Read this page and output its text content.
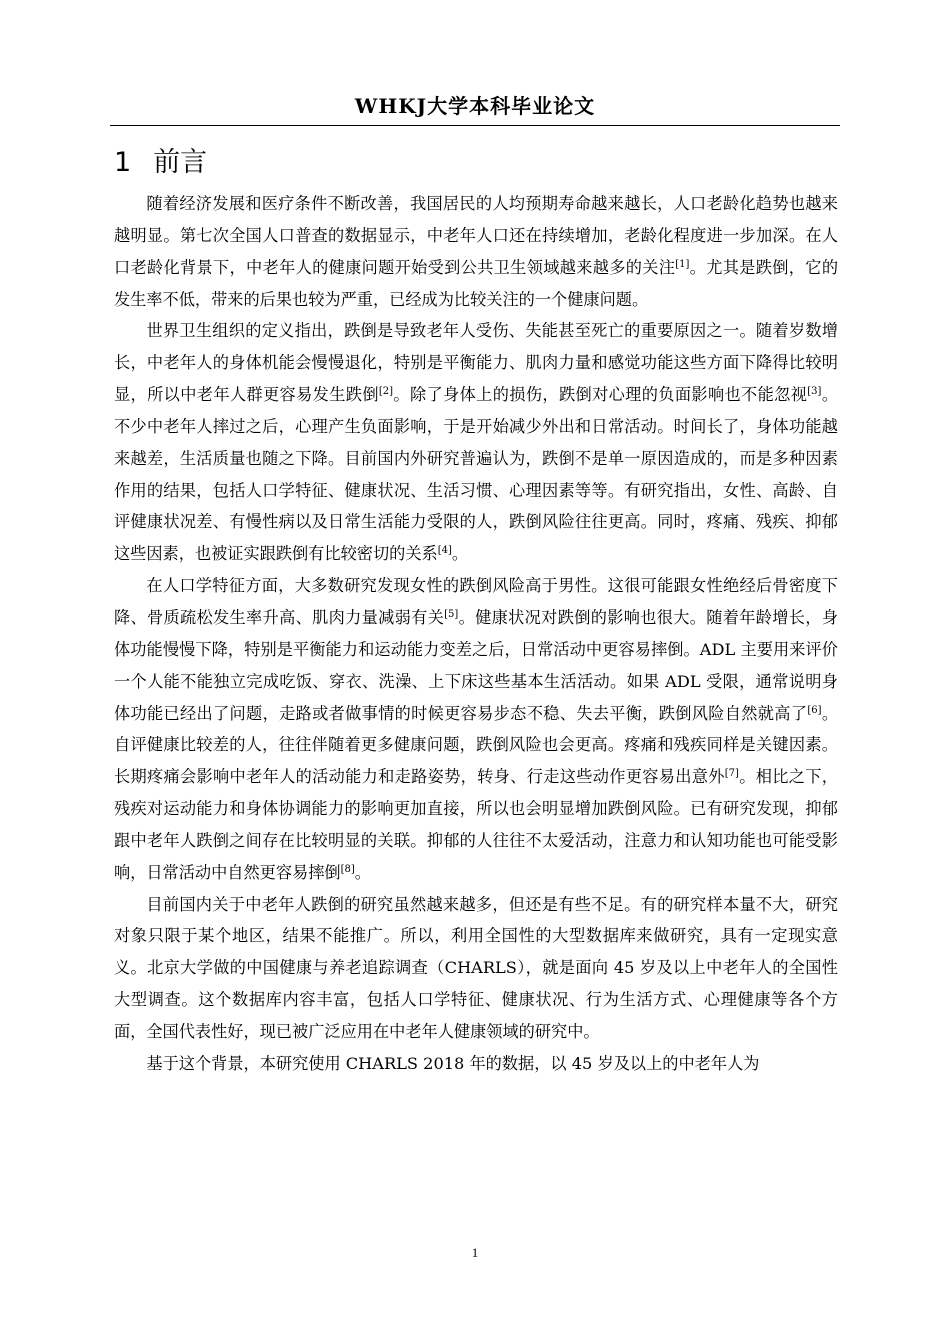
WHKJ大学本科毕业论文
1 前言

随着经济发展和医疗条件不断改善，我国居民的人均预期寿命越来越长，人口老龄化趋势也越来越明显。第七次全国人口普查的数据显示，中老年人口还在持续增加，老龄化程度进一步加深。在人口老龄化背景下，中老年人的健康问题开始受到公共卫生领域越来越多的关注[1]。尤其是跌倒，它的发生率不低，带来的后果也较为严重，已经成为比较关注的一个健康问题。

世界卫生组织的定义指出，跌倒是导致老年人受伤、失能甚至死亡的重要原因之一。随着岁数增长，中老年人的身体机能会慢慢退化，特别是平衡能力、肌肉力量和感觉功能这些方面下降得比较明显，所以中老年人群更容易发生跌倒[2]。除了身体上的损伤，跌倒对心理的负面影响也不能忽视[3]。不少中老年人摔过之后，心理产生负面影响，于是开始减少外出和日常活动。时间长了，身体功能越来越差，生活质量也随之下降。目前国内外研究普遍认为，跌倒不是单一原因造成的，而是多种因素作用的结果，包括人口学特征、健康状况、生活习惯、心理因素等等。有研究指出，女性、高龄、自评健康状况差、有慢性病以及日常生活能力受限的人，跌倒风险往往更高。同时，疼痛、残疾、抑郁这些因素，也被证实跟跌倒有比较密切的关系[4]。

在人口学特征方面，大多数研究发现女性的跌倒风险高于男性。这很可能跟女性绝经后骨密度下降、骨质疏松发生率升高、肌肉力量减弱有关[5]。健康状况对跌倒的影响也很大。随着年龄增长，身体功能慢慢下降，特别是平衡能力和运动能力变差之后，日常活动中更容易摔倒。ADL 主要用来评价一个人能不能独立完成吃饭、穿衣、洗澡、上下床这些基本生活活动。如果 ADL 受限，通常说明身体功能已经出了问题，走路或者做事情的时候更容易步态不稳、失去平衡，跌倒风险自然就高了[6]。自评健康比较差的人，往往伴随着更多健康问题，跌倒风险也会更高。疼痛和残疾同样是关键因素。长期疼痛会影响中老年人的活动能力和走路姿势，转身、行走这些动作更容易出意外[7]。相比之下，残疾对运动能力和身体协调能力的影响更加直接，所以也会明显增加跌倒风险。已有研究发现，抑郁跟中老年人跌倒之间存在比较明显的关联。抑郁的人往往不太爱活动，注意力和认知功能也可能受影响，日常活动中自然更容易摔倒[8]。

目前国内关于中老年人跌倒的研究虽然越来越多，但还是有些不足。有的研究样本量不大，研究对象只限于某个地区，结果不能推广。所以，利用全国性的大型数据库来做研究，具有一定现实意义。北京大学做的中国健康与养老追踪调查（CHARLS），就是面向 45 岁及以上中老年人的全国性大型调查。这个数据库内容丰富，包括人口学特征、健康状况、行为生活方式、心理健康等各个方面，全国代表性好，现已被广泛应用在中老年人健康领域的研究中。

基于这个背景，本研究使用 CHARLS 2018 年的数据，以 45 岁及以上的中老年人为

1
